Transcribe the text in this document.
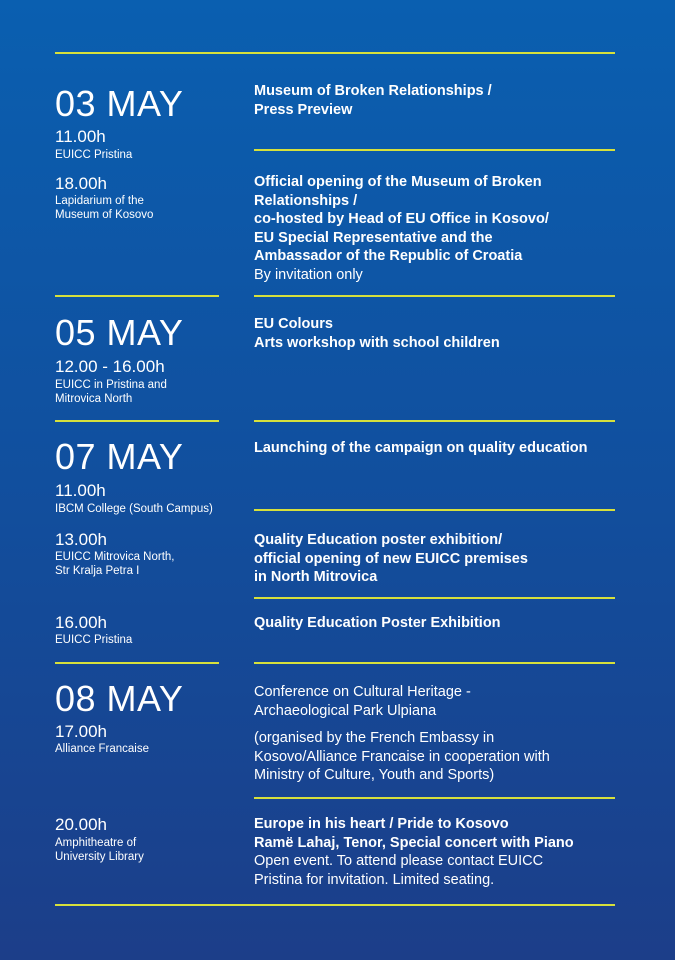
03 MAY
11.00h
EUICC Pristina
Museum of Broken Relationships /
Press Preview
18.00h
Lapidarium of the
Museum of Kosovo
Official opening of the Museum of Broken
Relationships /
co-hosted by Head of EU Office in Kosovo/
EU Special Representative and the
Ambassador of the Republic of Croatia
By invitation only
05 MAY
12.00 - 16.00h
EUICC in Pristina and
Mitrovica North
EU Colours
Arts workshop with school children
07 MAY
11.00h
IBCM College (South Campus)
Launching of the campaign on quality education
13.00h
EUICC Mitrovica North,
Str Kralja Petra I
Quality Education poster exhibition/
official opening of new EUICC premises
in North Mitrovica
16.00h
EUICC Pristina
Quality Education Poster Exhibition
08 MAY
17.00h
Alliance Francaise
Conference on Cultural Heritage -
Archaeological Park Ulpiana
(organised by the French Embassy in
Kosovo/Alliance Francaise in cooperation with
Ministry of Culture, Youth and Sports)
20.00h
Amphitheatre of
University Library
Europe in his heart / Pride to Kosovo
Ramë Lahaj, Tenor, Special concert with Piano
Open event. To attend please contact EUICC
Pristina for invitation. Limited seating.
